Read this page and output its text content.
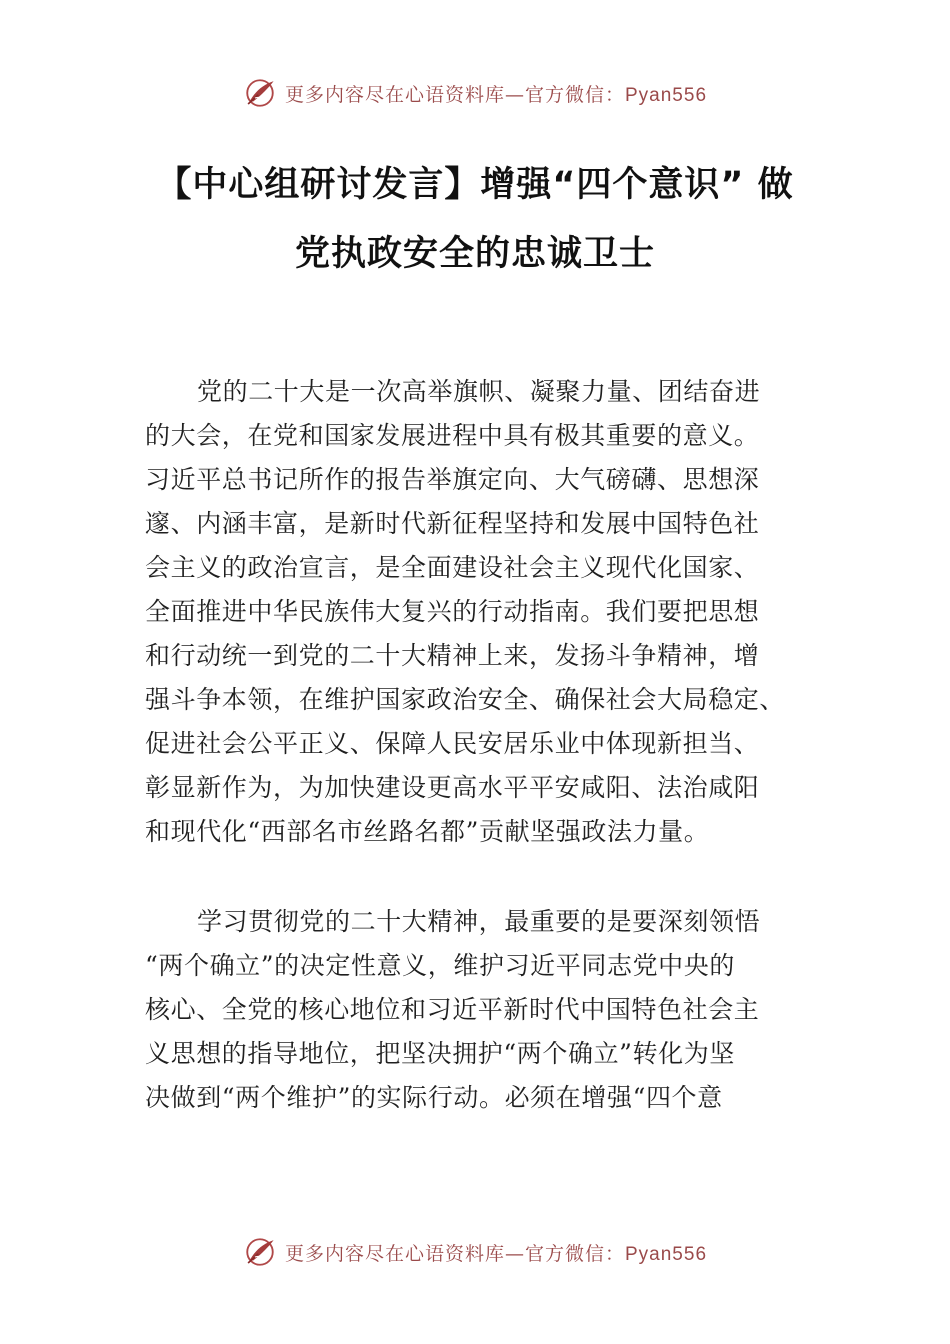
更多内容尽在心语资料库—官方微信：Pyan556
【中心组研讨发言】增强“四个意识” 做
党执政安全的忠诚卫士
党的二十大是一次高举旗帜、凝聚力量、团结奋进
的大会，在党和国家发展进程中具有极其重要的意义。
习近平总书记所作的报告举旗定向、大气磅礴、思想深
邃、内涵丰富，是新时代新征程坚持和发展中国特色社
会主义的政治宣言，是全面建设社会主义现代化国家、
全面推进中华民族伟大复兴的行动指南。我们要把思想
和行动统一到党的二十大精神上来，发扬斗争精神，增
强斗争本领，在维护国家政治安全、确保社会大局稳定、
促进社会公平正义、保障人民安居乐业中体现新担当、
彰显新作为，为加快建设更高水平平安咸阳、法治咸阳
和现代化“西部名市丝路名都”贡献坚强政法力量。
学习贯彻党的二十大精神，最重要的是要深刻领悟
“两个确立”的决定性意义，维护习近平同志党中央的
核心、全党的核心地位和习近平新时代中国特色社会主
义思想的指导地位，把坚决拥护“两个确立”转化为坚
决做到“两个维护”的实际行动。必须在增强“四个意
更多内容尽在心语资料库—官方微信：Pyan556
